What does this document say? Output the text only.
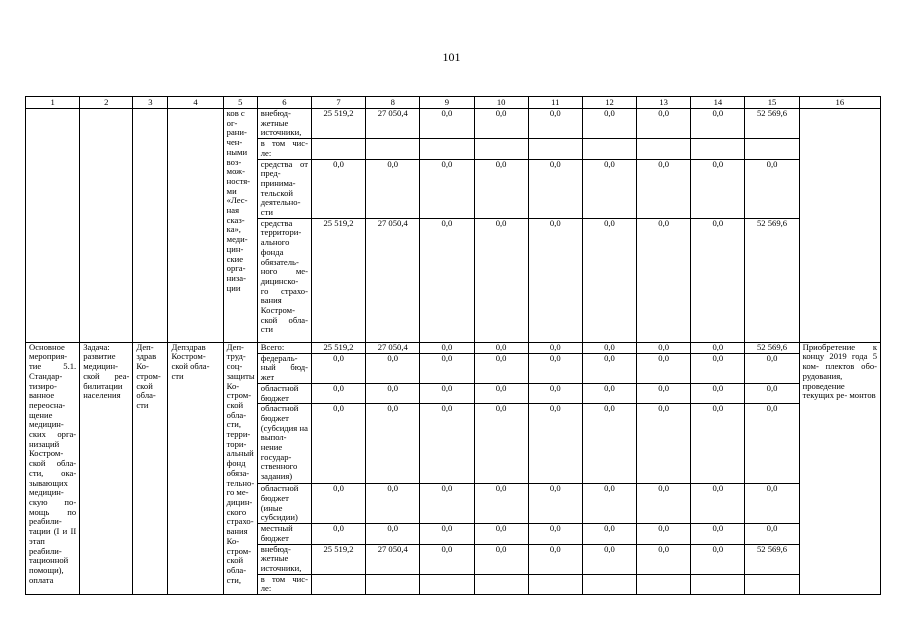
101
1	2	3	4	5	6	7	8	9	10	11	12	13	14	15	16
				ков с ог- рани- чен- ными воз- мож- ностя- ми «Лес- ная сказ- ка», меди- цин- ские орга- низа- ции	внебюд- жетные источники,	25 519,2	27 050,4	0,0	0,0	0,0	0,0	0,0	0,0	52 569,6	
					в том чис- ле:										
					средства от пред- принима- тельской деятельно- сти	0,0	0,0	0,0	0,0	0,0	0,0	0,0	0,0	0,0	
					средства территори- ального фонда обязатель- ного ме- дицинско- го страхо- вания Костром- ской обла- сти	25 519,2	27 050,4	0,0	0,0	0,0	0,0	0,0	0,0	52 569,6	
Основное мероприя- тие 5.1. Стандар- тизиро- ванное переосна- щение медицин- ских орга- низаций Костром- ской обла- сти, ока- зывающих медицин- скую по- мощь по реабили- тации (I и II этап реабили- тационной помощи), оплата	Задача: развитие медицин- ской реа- билитации населения	Деп- здрав Ко- стром- ской обла- сти	Депздрав Костром- ской обла- сти	Деп- труд- соц- защиты Ко- стром- ской обла- сти, терри- тори- альный фонд обяза- тельно- го ме- дицин- ского страхо- вания Ко- стром- ской обла- сти,	Всего:	25 519,2	27 050,4	0,0	0,0	0,0	0,0	0,0	0,0	52 569,6	Приобретение к концу 2019 года 5 ком- плектов обо- рудования, проведение текущих ре- монтов
					федераль- ный бюд- жет	0,0	0,0	0,0	0,0	0,0	0,0	0,0	0,0	0,0	
					областной бюджет	0,0	0,0	0,0	0,0	0,0	0,0	0,0	0,0	0,0	
					областной бюджет (субсидия на выпол- нение государ- ственного задания)	0,0	0,0	0,0	0,0	0,0	0,0	0,0	0,0	0,0	
					областной бюджет (иные субсидии)	0,0	0,0	0,0	0,0	0,0	0,0	0,0	0,0	0,0	
					местный бюджет	0,0	0,0	0,0	0,0	0,0	0,0	0,0	0,0	0,0	
					внебюд- жетные источники,	25 519,2	27 050,4	0,0	0,0	0,0	0,0	0,0	0,0	52 569,6	
					в том чис- ле:										
